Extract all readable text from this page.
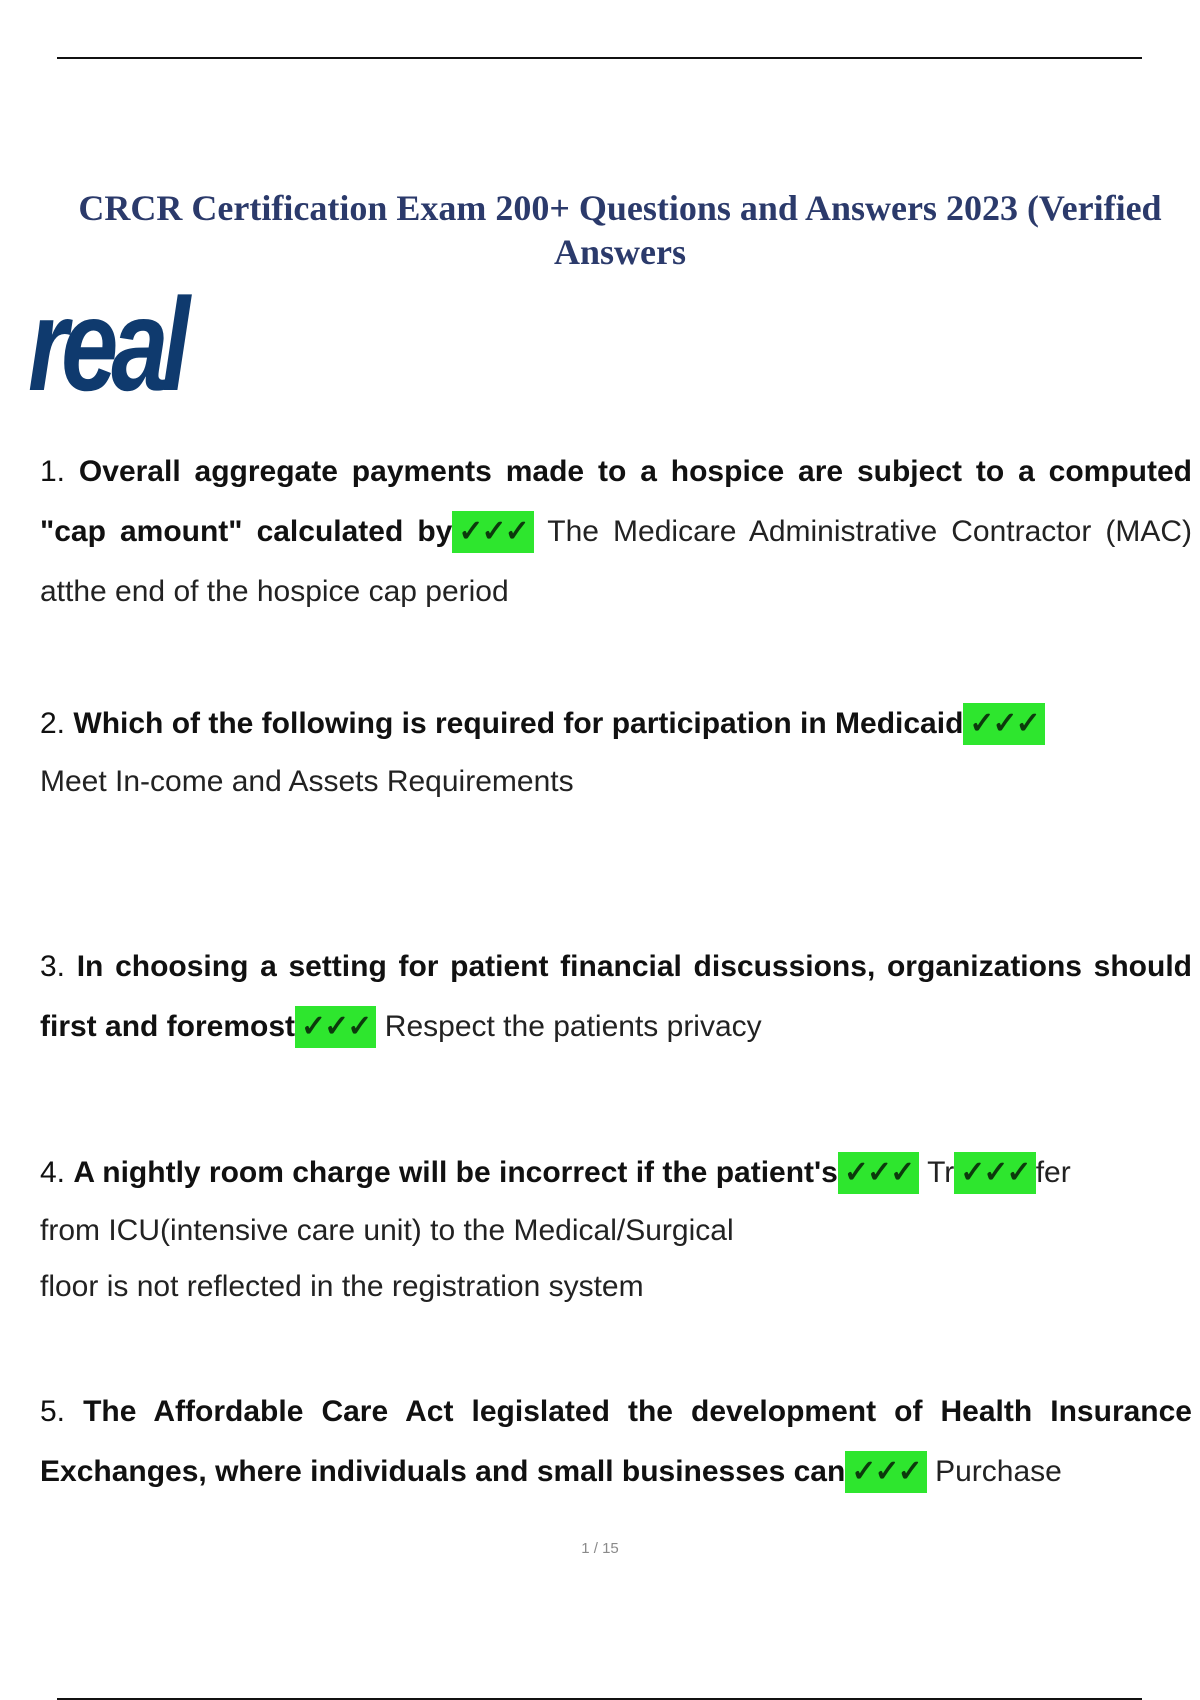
CRCR Certification Exam 200+ Questions and Answers 2023 (Verified Answers
real
1. Overall aggregate payments made to a hospice are subject to a computed "cap amount" calculated by ✓✓✓ The Medicare Administrative Contractor (MAC) atthe end of the hospice cap period
2. Which of the following is required for participation in Medicaid ✓✓✓
Meet In-come and Assets Requirements
3. In choosing a setting for patient financial discussions, organizations should first and foremost ✓✓✓ Respect the patients privacy
4. A nightly room charge will be incorrect if the patient's ✓✓✓ Tr ✓✓✓ fer
from ICU(intensive care unit) to the Medical/Surgical
floor is not reflected in the registration system
5. The Affordable Care Act legislated the development of Health Insurance Exchanges, where individuals and small businesses can ✓✓✓ Purchase
1 / 15
